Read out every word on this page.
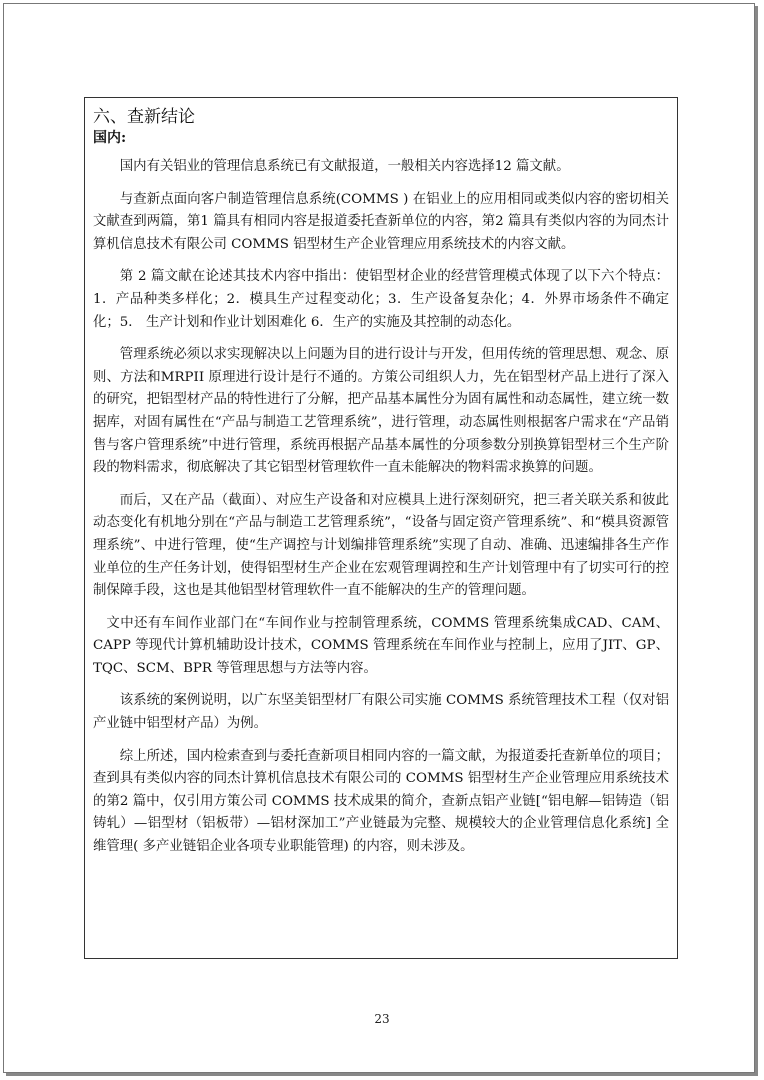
六、查新结论
国内:

国内有关铝业的管理信息系统已有文献报道，一般相关内容选择12 篇文献。

与查新点面向客户制造管理信息系统(COMMS ) 在铝业上的应用相同或类似内容的密切相关文献查到两篇，第1 篇具有相同内容是报道委托查新单位的内容，第2 篇具有类似内容的为同杰计算机信息技术有限公司 COMMS 铝型材生产企业管理应用系统技术的内容文献。

第 2 篇文献在论述其技术内容中指出：使铝型材企业的经营管理模式体现了以下六个特点：1．产品种类多样化；2．模具生产过程变动化；3．生产设备复杂化；4．外界市场条件不确定化；5． 生产计划和作业计划困难化 6．生产的实施及其控制的动态化。

管理系统必须以求实现解决以上问题为目的进行设计与开发，但用传统的管理思想、观念、原则、方法和MRPII 原理进行设计是行不通的。方策公司组织人力，先在铝型材产品上进行了深入的研究，把铝型材产品的特性进行了分解，把产品基本属性分为固有属性和动态属性，建立统一数据库，对固有属性在“产品与制造工艺管理系统”，进行管理，动态属性则根据客户需求在“产品销售与客户管理系统”中进行管理，系统再根据产品基本属性的分项参数分别换算铝型材三个生产阶段的物料需求，彻底解决了其它铝型材管理软件一直未能解决的物料需求换算的问题。

而后，又在产品（截面）、对应生产设备和对应模具上进行深刻研究，把三者关联关系和彼此动态变化有机地分别在“产品与制造工艺管理系统”，“设备与固定资产管理系统”、和“模具资源管理系统”、中进行管理，使“生产调控与计划编排管理系统”实现了自动、准确、迅速编排各生产作业单位的生产任务计划，使得铝型材生产企业在宏观管理调控和生产计划管理中有了切实可行的控制保障手段，这也是其他铝型材管理软件一直不能解决的生产的管理问题。

文中还有车间作业部门在“车间作业与控制管理系统，COMMS 管理系统集成CAD、CAM、CAPP 等现代计算机辅助设计技术，COMMS 管理系统在车间作业与控制上，应用了JIT、GP、TQC、SCM、BPR 等管理思想与方法等内容。

该系统的案例说明，以广东坚美铝型材厂有限公司实施 COMMS 系统管理技术工程（仅对铝产业链中铝型材产品）为例。

综上所述，国内检索查到与委托查新项目相同内容的一篇文献，为报道委托查新单位的项目；查到具有类似内容的同杰计算机信息技术有限公司的 COMMS 铝型材生产企业管理应用系统技术的第2 篇中，仅引用方策公司 COMMS 技术成果的简介，查新点铝产业链[“铝电解—铝铸造（铝铸轧）—铝型材（铝板带）—铝材深加工”产业链最为完整、规模较大的企业管理信息化系统] 全维管理( 多产业链铝企业各项专业职能管理) 的内容，则未涉及。

23
